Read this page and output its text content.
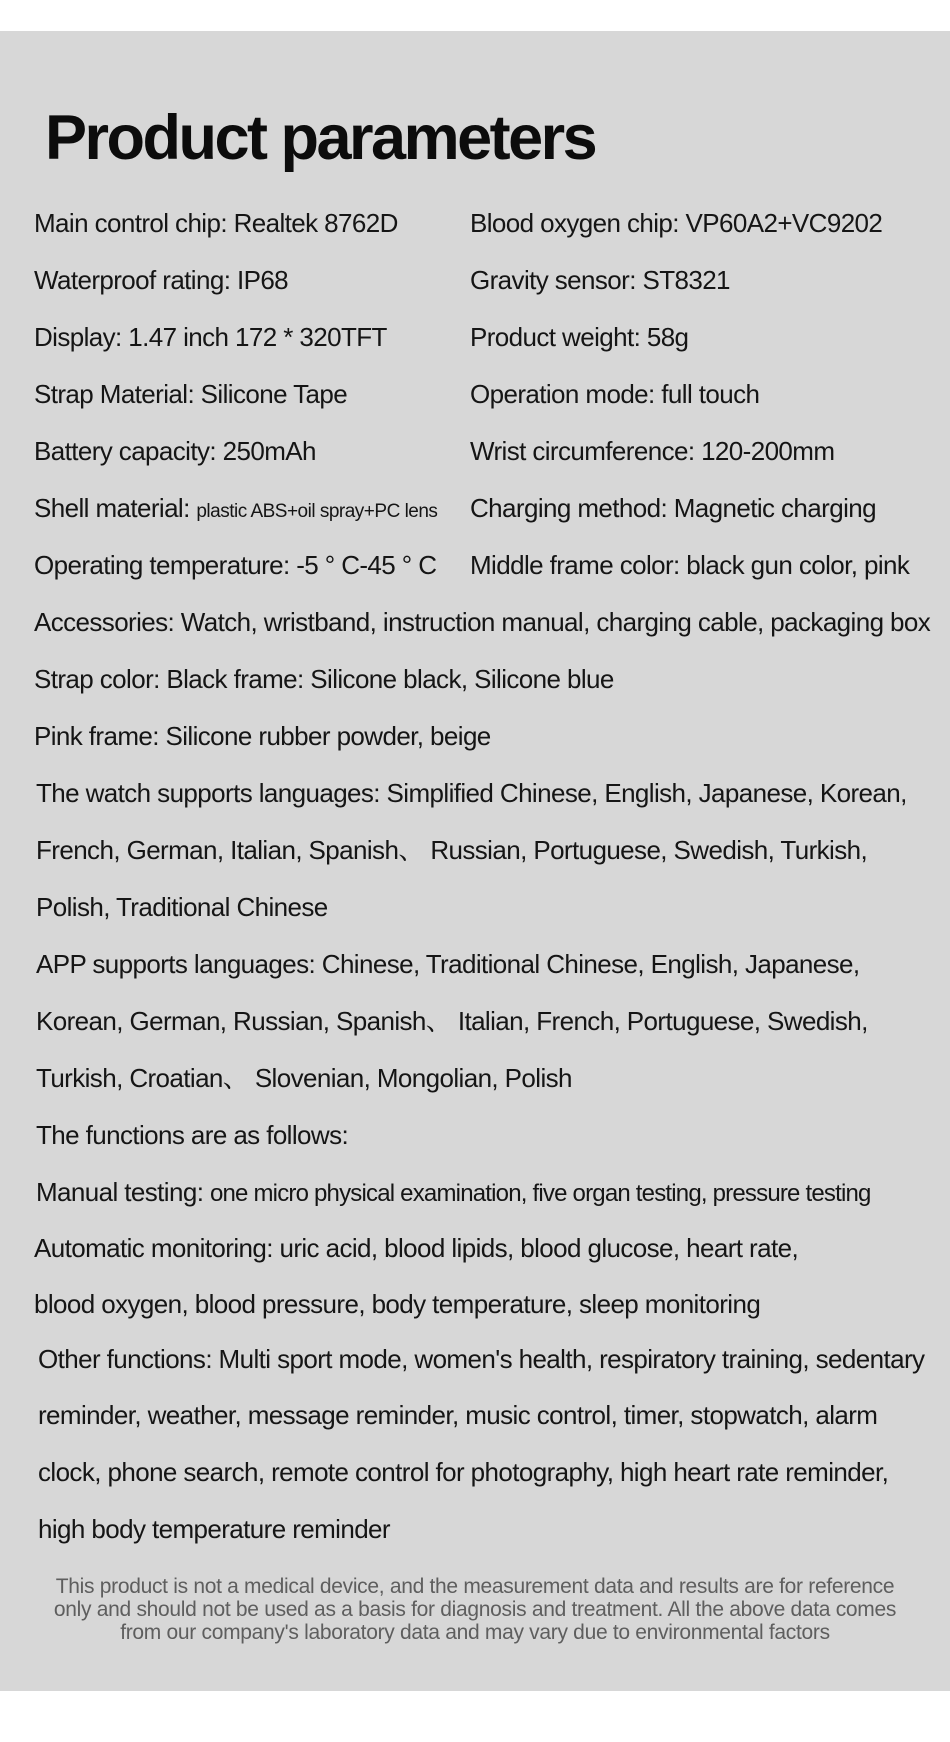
Product parameters
Main control chip: Realtek 8762D	Blood oxygen chip: VP60A2+VC9202
Waterproof rating: IP68	Gravity sensor: ST8321
Display: 1.47 inch 172 * 320TFT	Product weight: 58g
Strap Material: Silicone Tape	Operation mode: full touch
Battery capacity: 250mAh	Wrist circumference: 120-200mm
Shell material: plastic ABS+oil spray+PC lens Charging method: Magnetic charging
Operating temperature: -5 ° C-45 ° C Middle frame color: black gun color, pink
Accessories: Watch, wristband, instruction manual, charging cable, packaging box
Strap color: Black frame: Silicone black, Silicone blue
Pink frame: Silicone rubber powder, beige
The watch supports languages: Simplified Chinese, English, Japanese, Korean,
French, German, Italian, Spanish、 Russian, Portuguese, Swedish, Turkish,
Polish, Traditional Chinese
APP supports languages: Chinese, Traditional Chinese, English, Japanese,
Korean, German, Russian, Spanish、 Italian, French, Portuguese, Swedish,
Turkish, Croatian、 Slovenian, Mongolian, Polish
The functions are as follows:
Manual testing: one micro physical examination, five organ testing, pressure testing
Automatic monitoring: uric acid, blood lipids, blood glucose, heart rate,
blood oxygen, blood pressure, body temperature, sleep monitoring
Other functions: Multi sport mode, women's health, respiratory training, sedentary
reminder, weather, message reminder, music control, timer, stopwatch, alarm
clock, phone search, remote control for photography, high heart rate reminder,
high body temperature reminder
This product is not a medical device, and the measurement data and results are for reference
only and should not be used as a basis for diagnosis and treatment. All the above data comes
from our company's laboratory data and may vary due to environmental factors
